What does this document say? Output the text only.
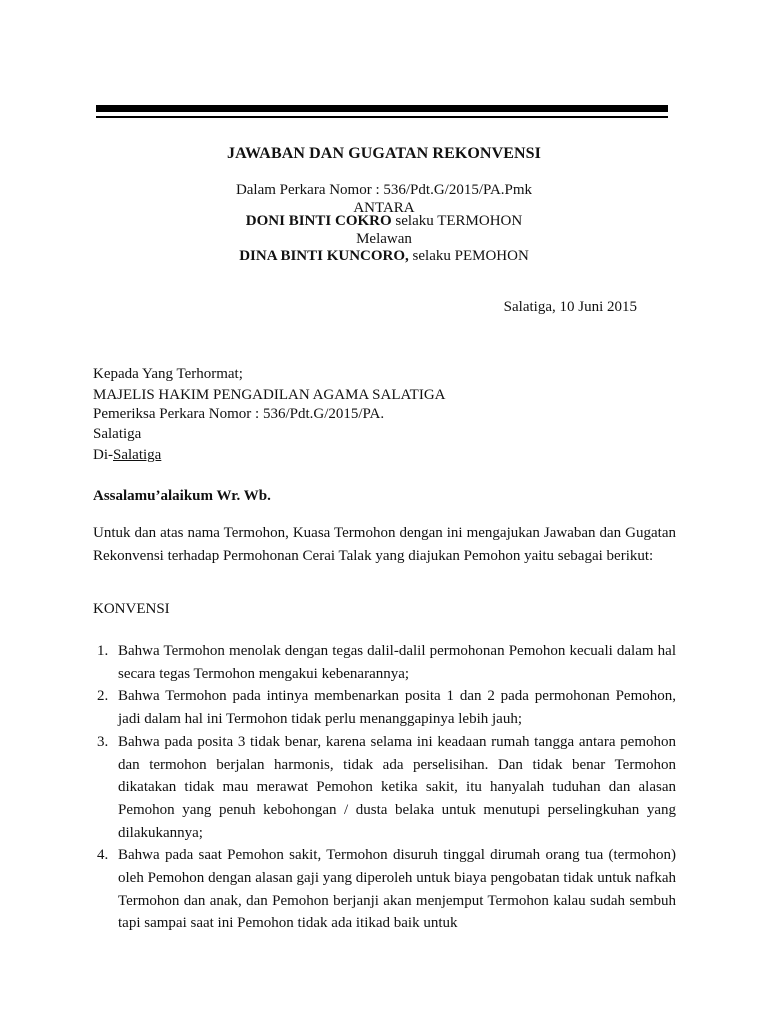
JAWABAN DAN GUGATAN REKONVENSI
Dalam Perkara Nomor : 536/Pdt.G/2015/PA.Pmk
ANTARA
DONI BINTI COKRO selaku TERMOHON
Melawan
DINA BINTI KUNCORO, selaku PEMOHON
Salatiga, 10 Juni 2015
Kepada Yang Terhormat;
MAJELIS HAKIM PENGADILAN AGAMA SALATIGA
Pemeriksa Perkara Nomor : 536/Pdt.G/2015/PA.
Salatiga
Di-Salatiga
Assalamu’alaikum Wr. Wb.
Untuk dan atas nama Termohon, Kuasa Termohon dengan ini mengajukan Jawaban dan Gugatan Rekonvensi terhadap Permohonan Cerai Talak yang diajukan Pemohon yaitu sebagai berikut:
KONVENSI
1. Bahwa Termohon menolak dengan tegas dalil-dalil permohonan Pemohon kecuali dalam hal secara tegas Termohon mengakui kebenarannya;
2. Bahwa Termohon pada intinya membenarkan posita 1 dan 2 pada permohonan Pemohon, jadi dalam hal ini Termohon tidak perlu menanggapinya lebih jauh;
3. Bahwa pada posita 3 tidak benar, karena selama ini keadaan rumah tangga antara pemohon dan termohon berjalan harmonis, tidak ada perselisihan. Dan tidak benar Termohon dikatakan tidak mau merawat Pemohon ketika sakit, itu hanyalah tuduhan dan alasan Pemohon yang penuh kebohongan / dusta belaka untuk menutupi perselingkuhan yang dilakukannya;
4. Bahwa pada saat Pemohon sakit, Termohon disuruh tinggal dirumah orang tua (termohon) oleh Pemohon dengan alasan gaji yang diperoleh untuk biaya pengobatan tidak untuk nafkah Termohon dan anak, dan Pemohon berjanji akan menjemput Termohon kalau sudah sembuh tapi sampai saat ini Pemohon tidak ada itikad baik untuk
